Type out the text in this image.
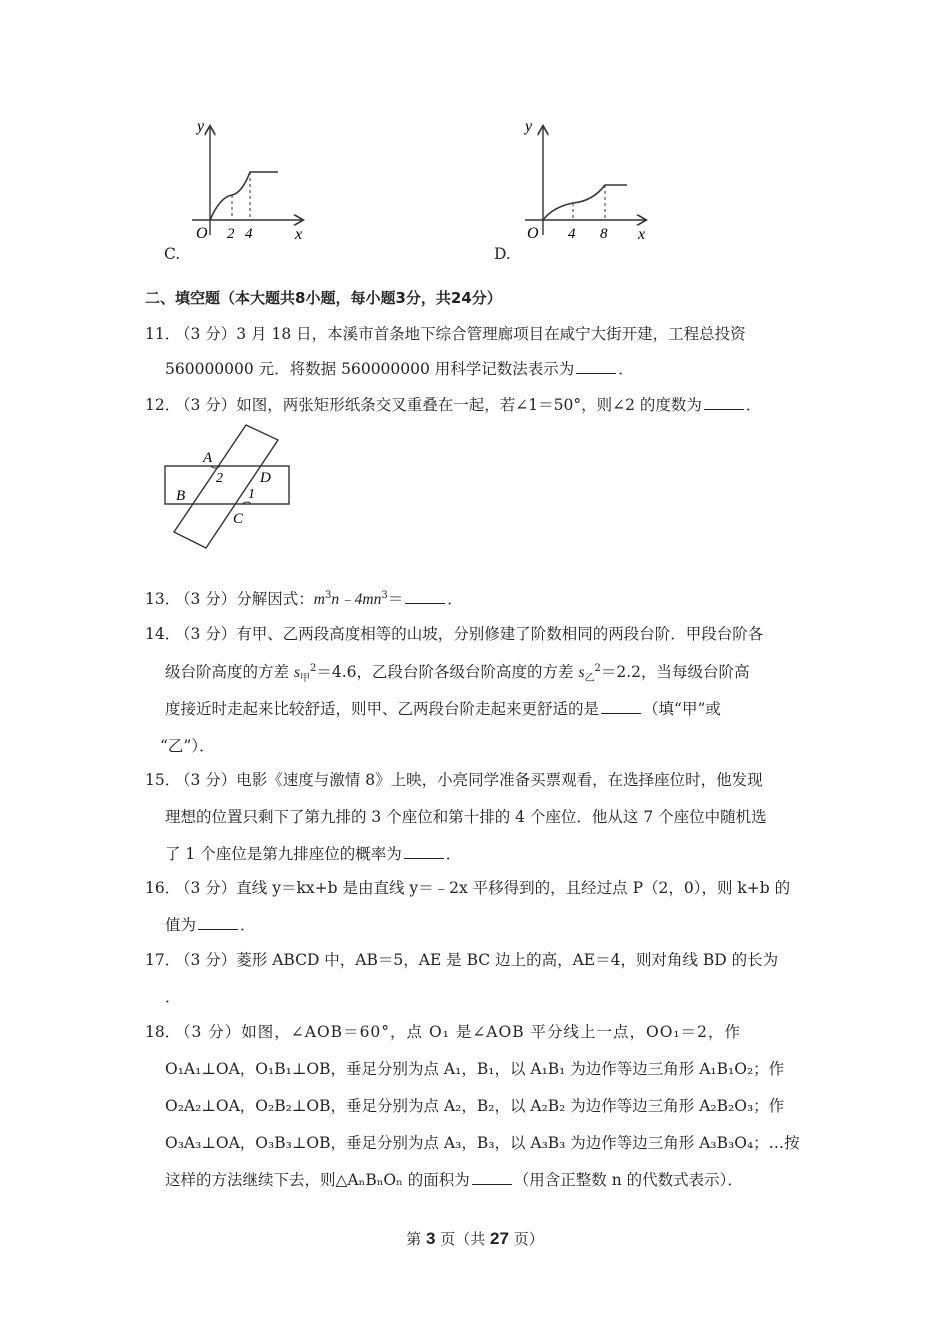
y
x
O 2 4
C.
y
x
O 4 8
D.
二、填空题（本大题共8小题，每小题3分，共24分）
11．
（3 分）3 月 18 日，本溪市首条地下综合管理廊项目在咸宁大街开建，工程总投资
560000000 元．将数据 560000000 用科学记数法表示为	．
12．
（3 分）如图，两张矩形纸条交叉重叠在一起，若∠1＝50°，则∠2 的度数为	．
A
B
C
D
2
1
13．
（3 分）分解因式：$m^3n﹣4mn^3=$	．
14．
（3 分）有甲、乙两段高度相等的山坡，分别修建了阶数相同的两段台阶．甲段台阶各
级台阶高度的方差 $s_甲^2=4.6$，乙段台阶各级台阶高度的方差 $s_乙^2=2.2$，当每级台阶高
度接近时走起来比较舒适，则甲、乙两段台阶走起来更舒适的是	（填“甲”或
“乙”）．
15．
（3 分）电影《速度与激情 8》上映，小亮同学准备买票观看，在选择座位时，他发现
理想的位置只剩下了第九排的 3 个座位和第十排的 4 个座位．他从这 7 个座位中随机选
了 1 个座位是第九排座位的概率为	．
16．
（3 分）直线 y＝kx+b 是由直线 y＝﹣2x 平移得到的，且经过点 P（2，0），则 k+b 的
值为	．
17．
（3 分）菱形 ABCD 中，AB＝5，AE 是 BC 边上的高，AE＝4，则对角线 BD 的长为
．
18．
（3 分）如图，∠AOB＝60°，点 O₁ 是∠AOB 平分线上一点，OO₁＝2，作
O₁A₁⊥OA，O₁B₁⊥OB，垂足分别为点 A₁，B₁，以 A₁B₁ 为边作等边三角形 A₁B₁O₂；作
O₂A₂⊥OA，O₂B₂⊥OB，垂足分别为点 A₂，B₂，以 A₂B₂ 为边作等边三角形 A₂B₂O₃；作
O₃A₃⊥OA，O₃B₃⊥OB，垂足分别为点 A₃，B₃，以 A₃B₃ 为边作等边三角形 A₃B₃O₄；…按
这样的方法继续下去，则△AₙBₙOₙ 的面积为	（用含正整数 n 的代数式表示）．
第 3 页（共 27 页）
